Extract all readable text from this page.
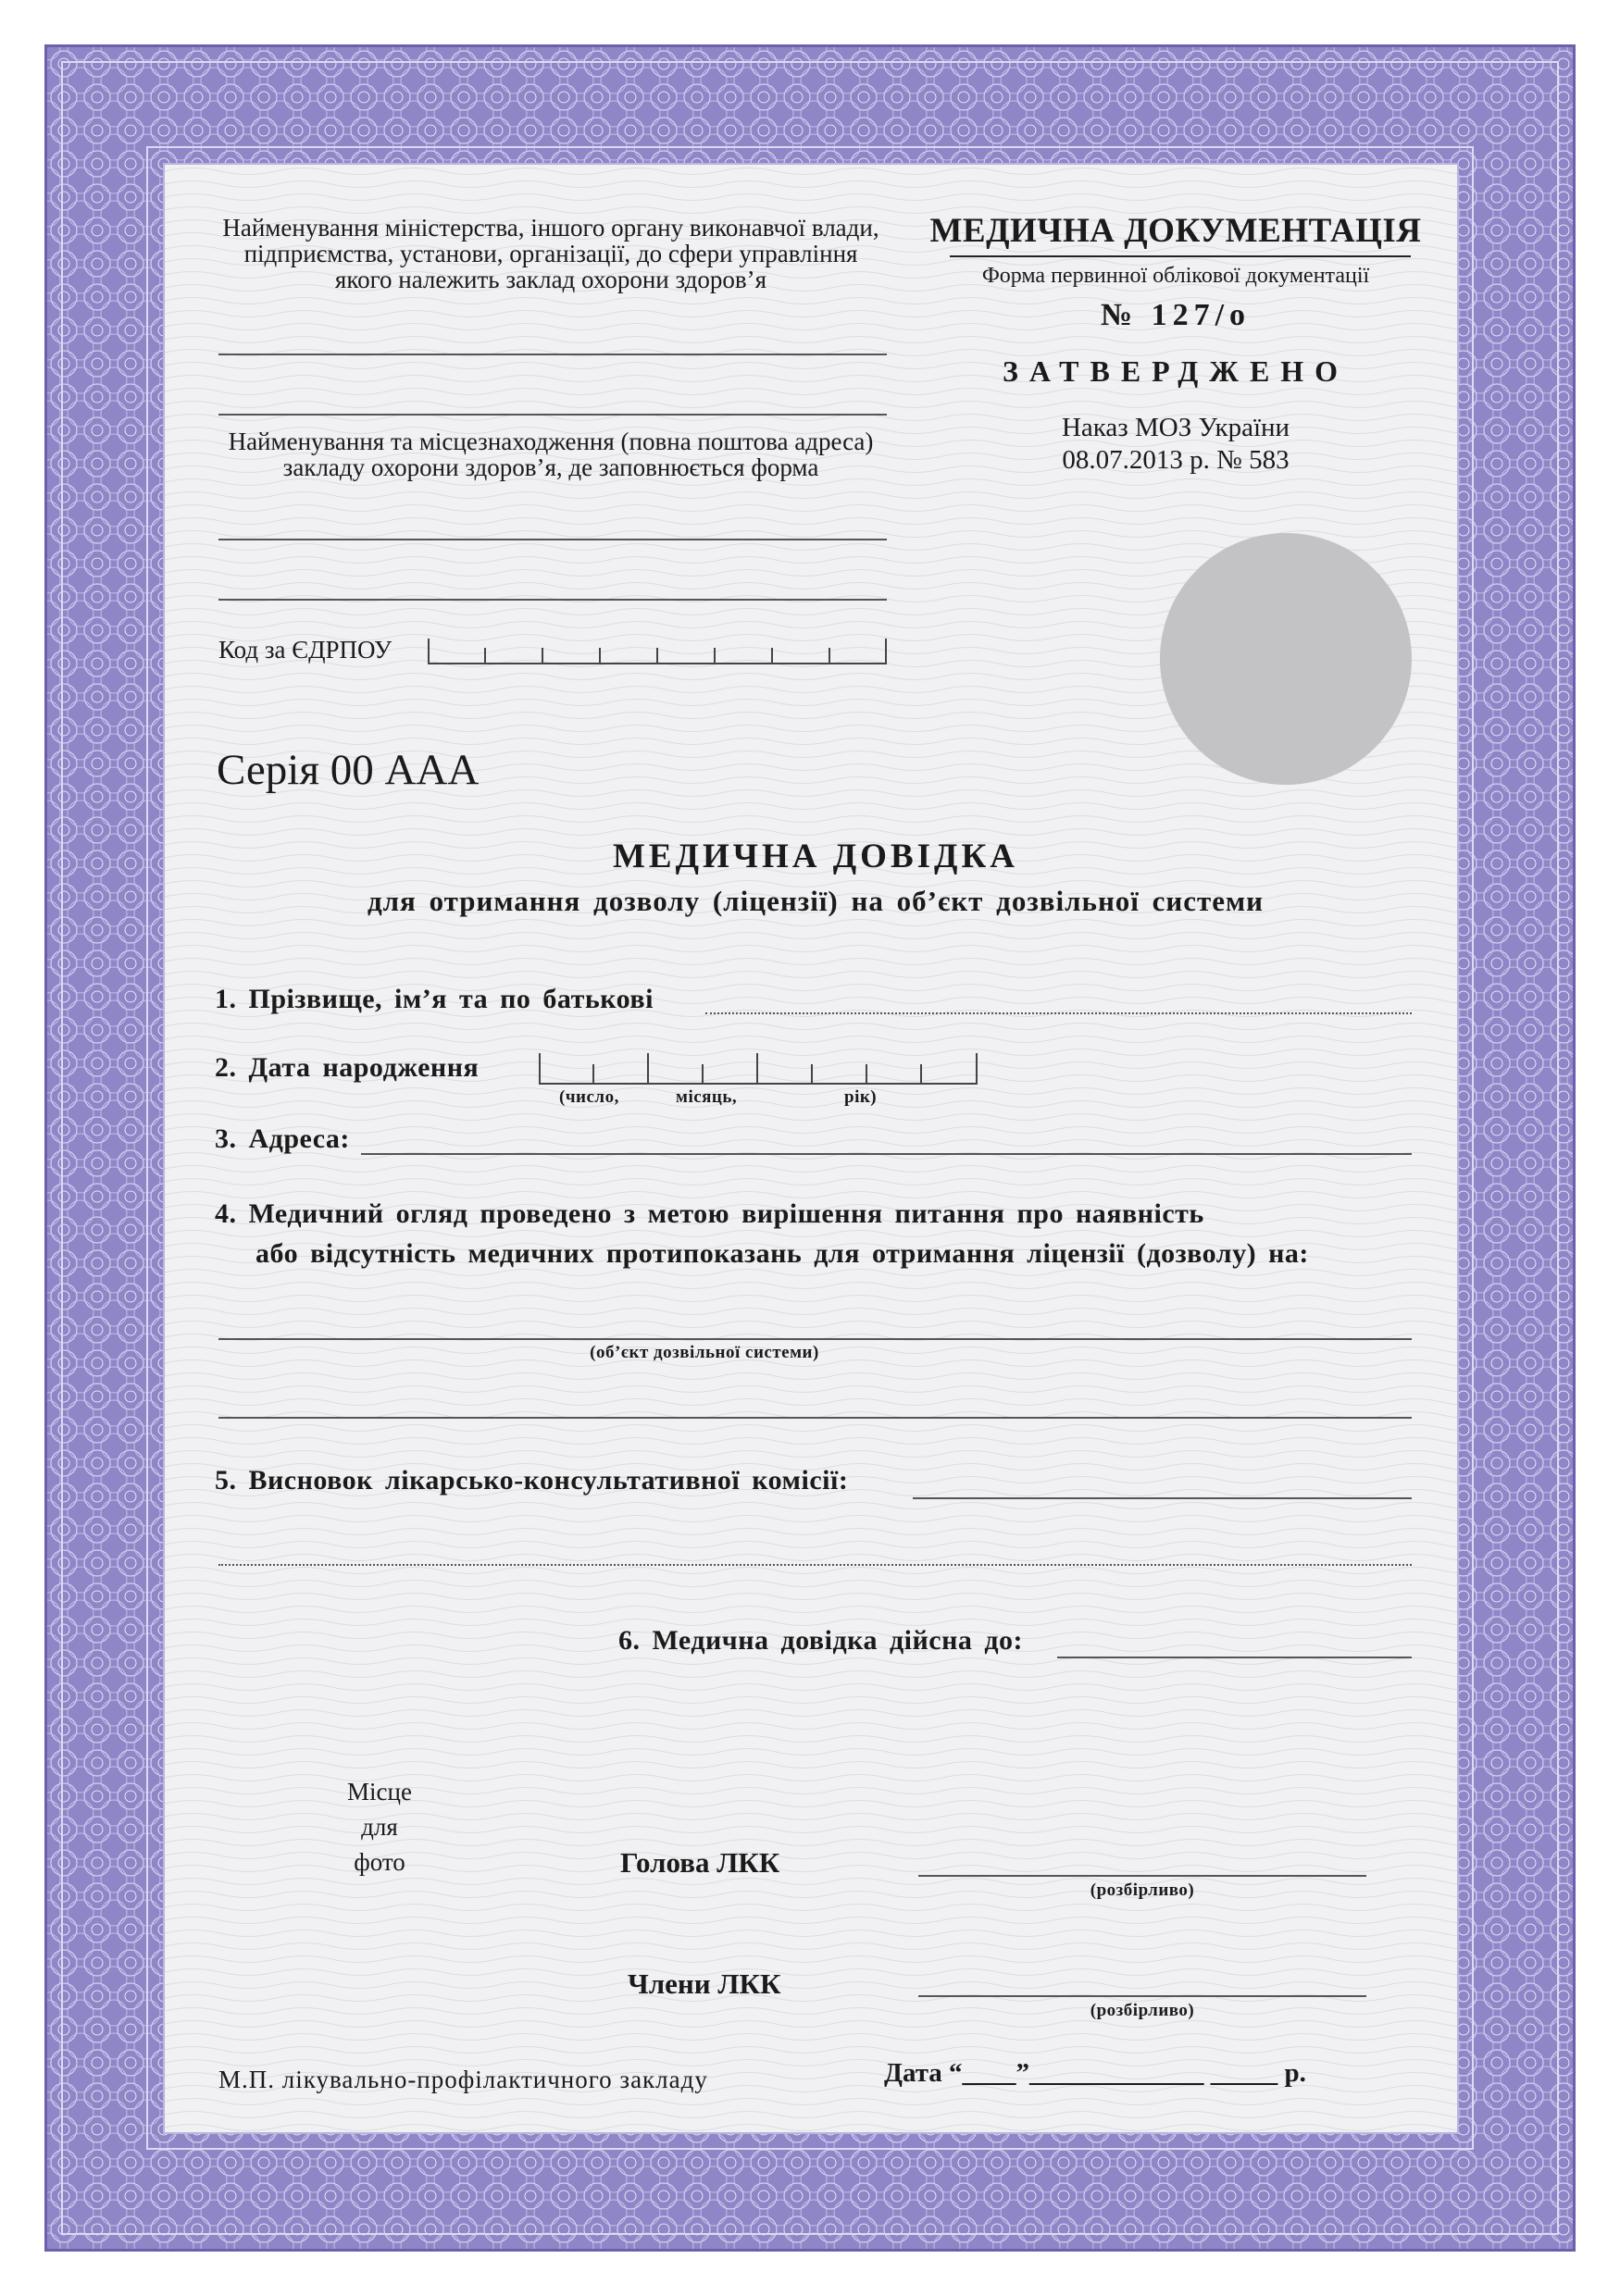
Найменування міністерства, іншого органу виконавчої влади, підприємства, установи, організації, до сфери управління якого належить заклад охорони здоров’я
Найменування та місцезнаходження (повна поштова адреса) закладу охорони здоров’я, де заповнюється форма
Код за ЄДРПОУ
МЕДИЧНА ДОКУМЕНТАЦІЯ
Форма первинної облікової документації
№ 127/о
ЗАТВЕРДЖЕНО
Наказ МОЗ України
08.07.2013 р. № 583
Серія 00 ААА
МЕДИЧНА ДОВІДКА
для отримання дозволу (ліцензії) на об’єкт дозвільної системи
1. Прізвище, ім’я та по батькові
2. Дата народження
(число,	місяць,	рік)
3. Адреса:
4. Медичний огляд проведено з метою вирішення питання про наявність
або відсутність медичних протипоказань для отримання ліцензії (дозволу) на:
(об’єкт дозвільної системи)
5. Висновок лікарсько-консультативної комісії:
6. Медична довідка дійсна до:
Місце
для
фото	Голова ЛКК
(розбірливо)
Члени ЛКК
(розбірливо)
М.П. лікувально-профілактичного закладу	Дата “____”_____________ _____ р.
